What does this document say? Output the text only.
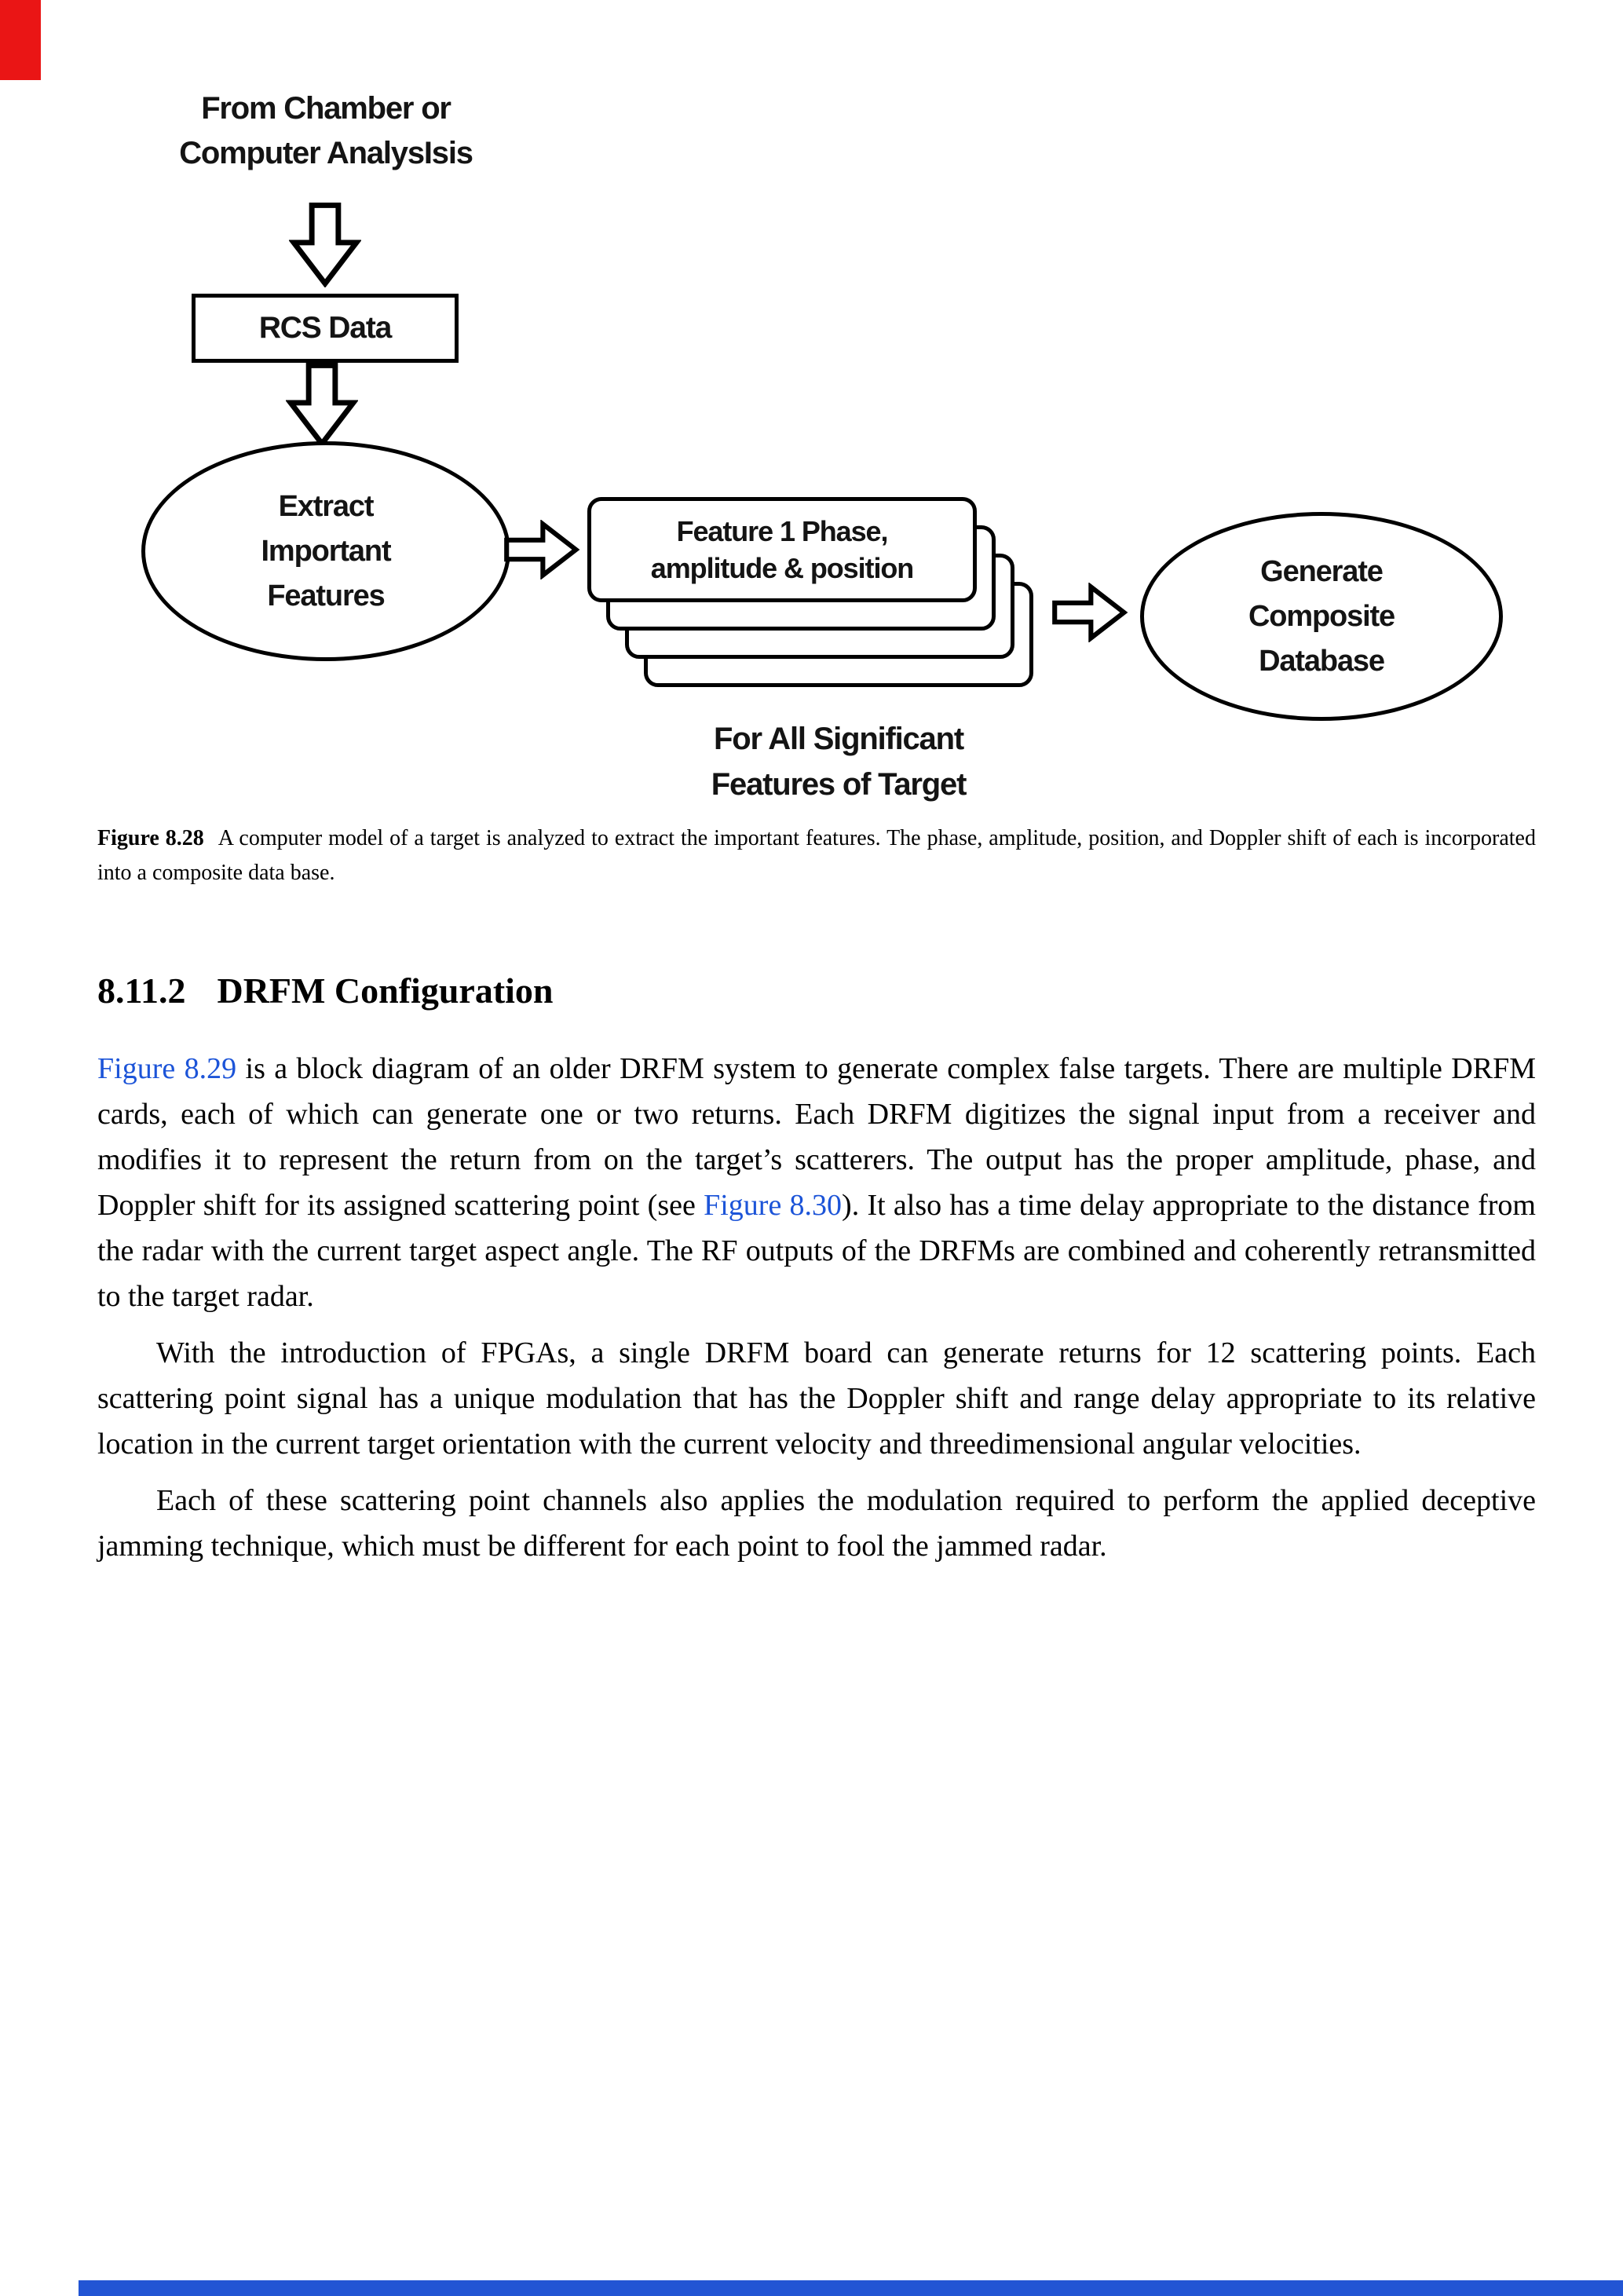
From Chamber or
Computer AnalysIsis
RCS Data
Extract
Important
Features
Feature 1 Phase,
amplitude & position	Generate
Composite
Database
For All Significant
Features of Target

Figure 8.28 A computer model of a target is analyzed to extract the important features. The phase, amplitude, position, and Doppler shift of each is incorporated into a composite data base.

8.11.2 DRFM Configuration

Figure 8.29 is a block diagram of an older DRFM system to generate complex false targets. There are multiple DRFM cards, each of which can generate one or two returns. Each DRFM digitizes the signal input from a receiver and modifies it to represent the return from on the target’s scatterers. The output has the proper amplitude, phase, and Doppler shift for its assigned scattering point (see Figure 8.30). It also has a time delay appropriate to the distance from the radar with the current target aspect angle. The RF outputs of the DRFMs are combined and coherently retransmitted to the target radar.

With the introduction of FPGAs, a single DRFM board can generate returns for 12 scattering points. Each scattering point signal has a unique modulation that has the Doppler shift and range delay appropriate to its relative location in the current target orientation with the current velocity and threedimensional angular velocities.

Each of these scattering point channels also applies the modulation required to perform the applied deceptive jamming technique, which must be different for each point to fool the jammed radar.
